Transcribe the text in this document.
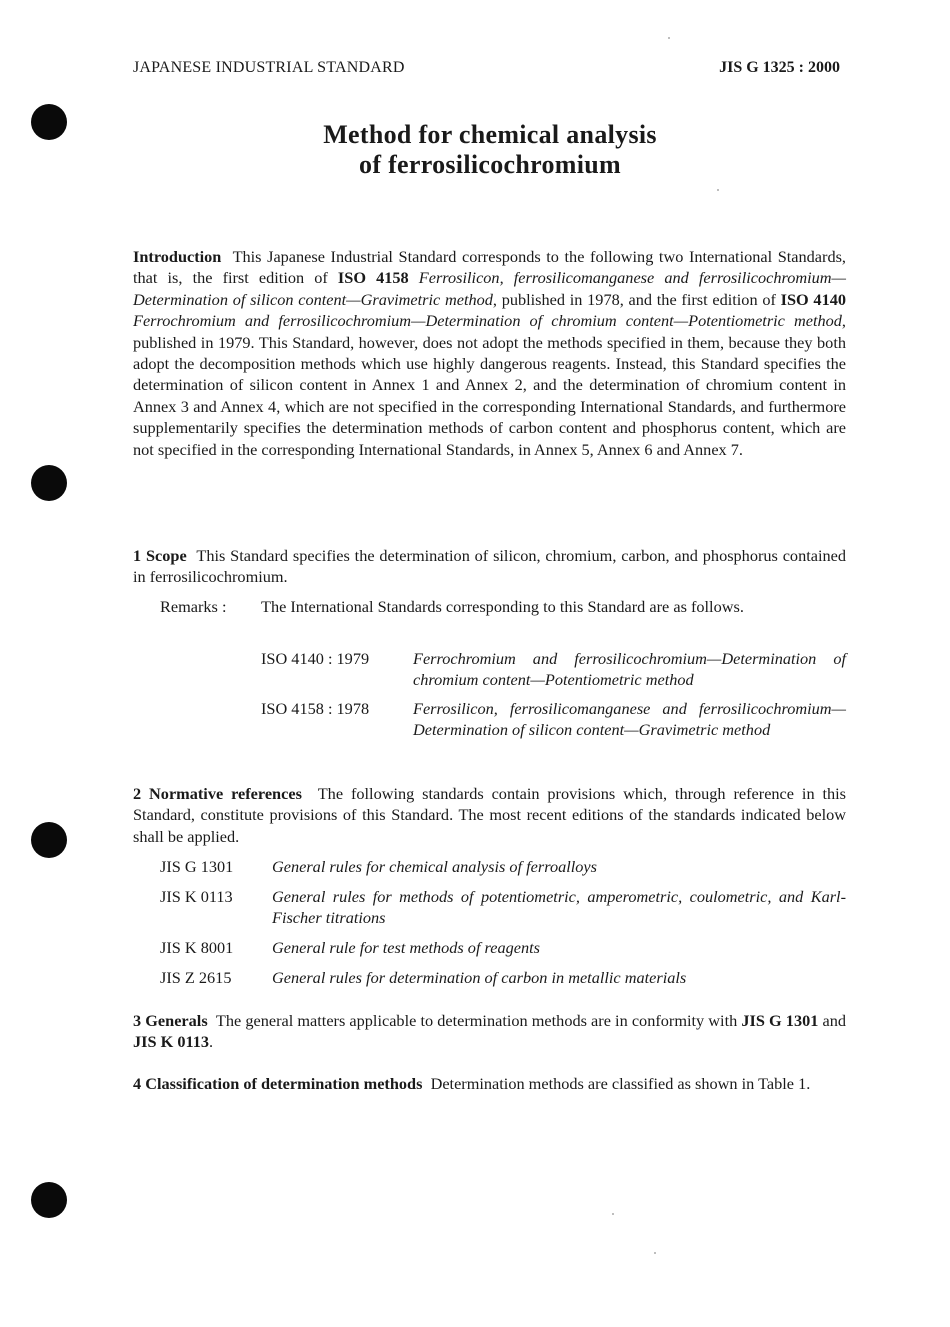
JAPANESE INDUSTRIAL STANDARD	JIS G 1325 : 2000
Method for chemical analysis
of ferrosilicochromium
Introduction This Japanese Industrial Standard corresponds to the following two International Standards, that is, the first edition of ISO 4158 Ferrosilicon, ferrosilicomanganese and ferrosilicochromium—Determination of silicon content—Gravimetric method, published in 1978, and the first edition of ISO 4140 Ferrochromium and ferrosilicochromium—Determination of chromium content—Potentiometric method, published in 1979. This Standard, however, does not adopt the methods specified in them, because they both adopt the decomposition methods which use highly dangerous reagents. Instead, this Standard specifies the determination of silicon content in Annex 1 and Annex 2, and the determination of chromium content in Annex 3 and Annex 4, which are not specified in the corresponding International Standards, and furthermore supplementarily specifies the determination methods of carbon content and phosphorus content, which are not specified in the corresponding International Standards, in Annex 5, Annex 6 and Annex 7.
1 Scope This Standard specifies the determination of silicon, chromium, carbon, and phosphorus contained in ferrosilicochromium.
Remarks : The International Standards corresponding to this Standard are as follows.
ISO 4140 : 1979	Ferrochromium and ferrosilicochromium—Determination of chromium content—Potentiometric method
ISO 4158 : 1978	Ferrosilicon, ferrosilicomanganese and ferrosilicochromium—Determination of silicon content—Gravimetric method
2 Normative references The following standards contain provisions which, through reference in this Standard, constitute provisions of this Standard. The most recent editions of the standards indicated below shall be applied.
JIS G 1301 General rules for chemical analysis of ferroalloys
JIS K 0113 General rules for methods of potentiometric, amperometric, coulometric, and Karl-Fischer titrations
JIS K 8001 General rule for test methods of reagents
JIS Z 2615 General rules for determination of carbon in metallic materials
3 Generals The general matters applicable to determination methods are in conformity with JIS G 1301 and JIS K 0113.
4 Classification of determination methods Determination methods are classified as shown in Table 1.
